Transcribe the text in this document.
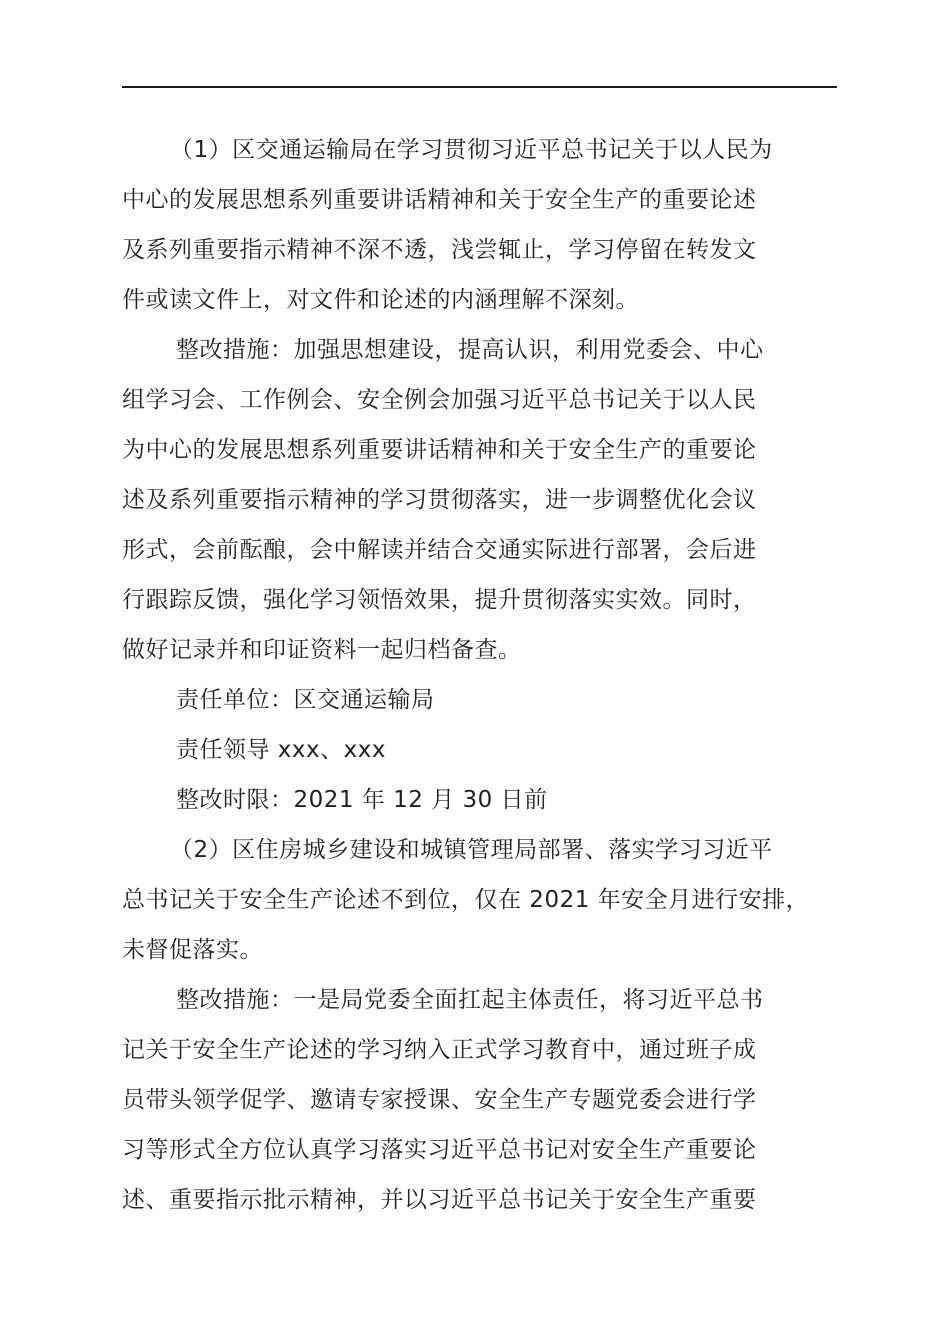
（1）区交通运输局在学习贯彻习近平总书记关于以人民为
中心的发展思想系列重要讲话精神和关于安全生产的重要论述
及系列重要指示精神不深不透，浅尝辄止，学习停留在转发文
件或读文件上，对文件和论述的内涵理解不深刻。
整改措施：加强思想建设，提高认识，利用党委会、中心
组学习会、工作例会、安全例会加强习近平总书记关于以人民
为中心的发展思想系列重要讲话精神和关于安全生产的重要论
述及系列重要指示精神的学习贯彻落实，进一步调整优化会议
形式，会前酝酿，会中解读并结合交通实际进行部署，会后进
行跟踪反馈，强化学习领悟效果，提升贯彻落实实效。同时，
做好记录并和印证资料一起归档备查。
责任单位：区交通运输局
责任领导 xxx、xxx
整改时限：2021 年 12 月 30 日前
（2）区住房城乡建设和城镇管理局部署、落实学习习近平
总书记关于安全生产论述不到位，仅在 2021 年安全月进行安排，
未督促落实。
整改措施：一是局党委全面扛起主体责任，将习近平总书
记关于安全生产论述的学习纳入正式学习教育中，通过班子成
员带头领学促学、邀请专家授课、安全生产专题党委会进行学
习等形式全方位认真学习落实习近平总书记对安全生产重要论
述、重要指示批示精神，并以习近平总书记关于安全生产重要
